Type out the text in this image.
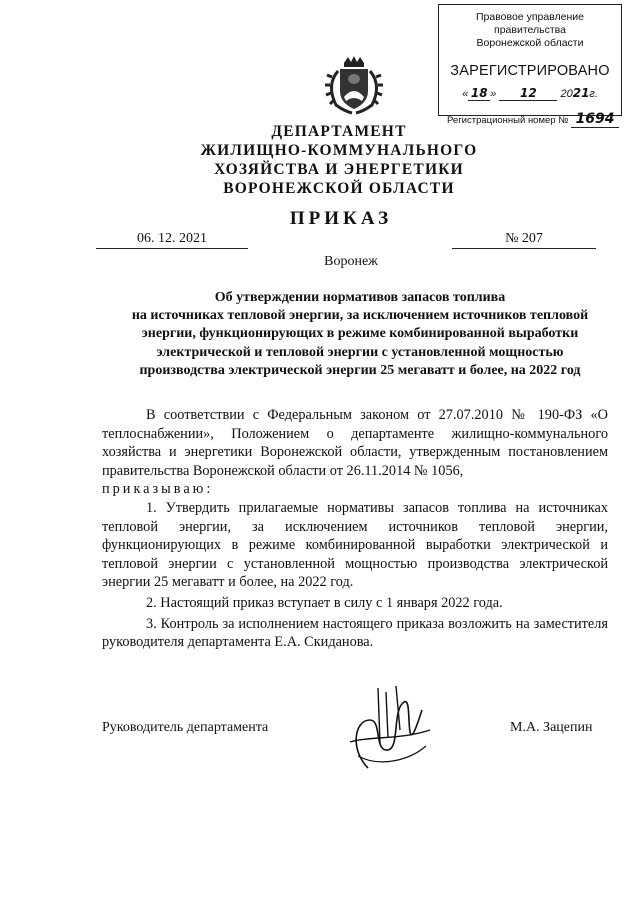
Правовое управление правительства
Воронежской области
ЗАРЕГИСТРИРОВАНО
« 18 » 12 2021г.
Регистрационный номер № 1694
ДЕПАРТАМЕНТ
ЖИЛИЩНО-КОММУНАЛЬНОГО
ХОЗЯЙСТВА И ЭНЕРГЕТИКИ
ВОРОНЕЖСКОЙ ОБЛАСТИ
ПРИКАЗ
06. 12. 2021	№ 207
Воронеж
Об утверждении нормативов запасов топлива
на источниках тепловой энергии, за исключением источников тепловой
энергии, функционирующих в режиме комбинированной выработки
электрической и тепловой энергии с установленной мощностью
производства электрической энергии 25 мегаватт и более, на 2022 год

В соответствии с Федеральным законом от 27.07.2010 № 190-ФЗ «О теплоснабжении», Положением о департаменте жилищно-коммунального хозяйства и энергетики Воронежской области, утвержденным постановлением правительства Воронежской области от 26.11.2014 № 1056,

приказываю:

1. Утвердить прилагаемые нормативы запасов топлива на источниках тепловой энергии, за исключением источников тепловой энергии, функционирующих в режиме комбинированной выработки электрической и тепловой энергии с установленной мощностью производства электрической энергии 25 мегаватт и более, на 2022 год.

2. Настоящий приказ вступает в силу с 1 января 2022 года.

3. Контроль за исполнением настоящего приказа возложить на заместителя руководителя департамента Е.А. Скиданова.

Руководитель департамента	М.А. Зацепин
